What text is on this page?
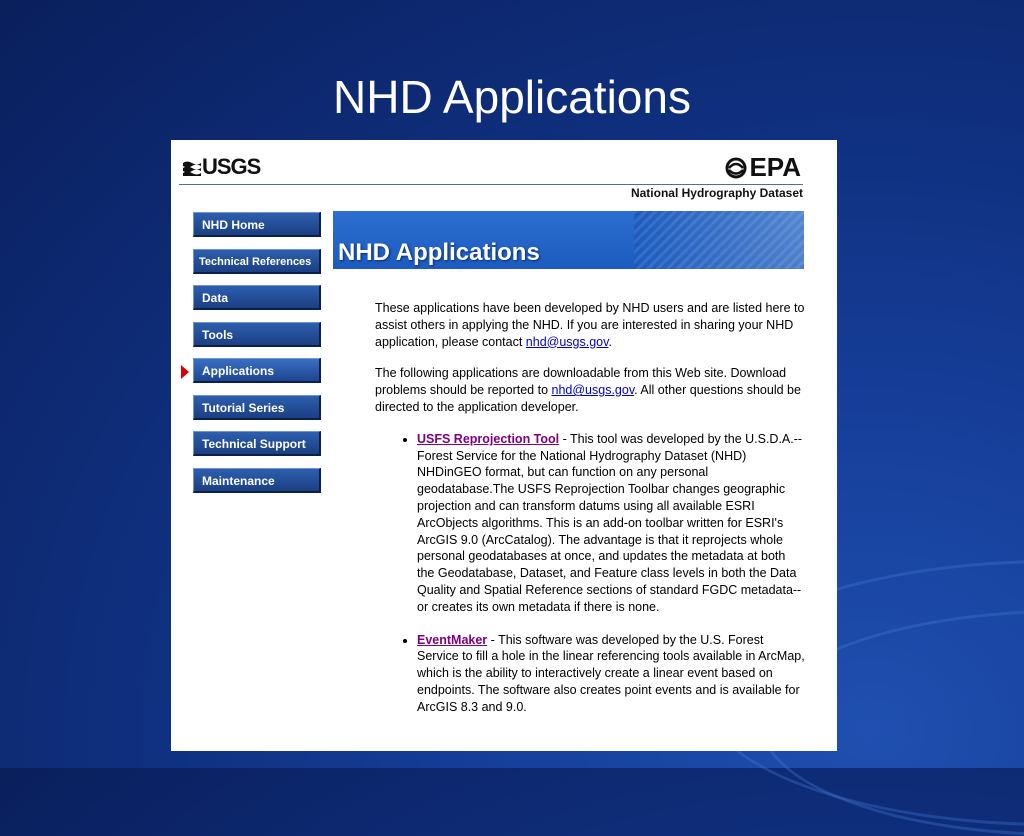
NHD Applications
USGS	EPA
National Hydrography Dataset
NHD Home
Technical References
Data
Tools
Applications
Tutorial Series
Technical Support
Maintenance
NHD Applications

These applications have been developed by NHD users and are listed here to assist others in applying the NHD. If you are interested in sharing your NHD application, please contact nhd@usgs.gov.

The following applications are downloadable from this Web site. Download problems should be reported to nhd@usgs.gov. All other questions should be directed to the application developer.

• USFS Reprojection Tool - This tool was developed by the U.S.D.A.--Forest Service for the National Hydrography Dataset (NHD) NHDinGEO format, but can function on any personal geodatabase.The USFS Reprojection Toolbar changes geographic projection and can transform datums using all available ESRI ArcObjects algorithms. This is an add-on toolbar written for ESRI's ArcGIS 9.0 (ArcCatalog). The advantage is that it reprojects whole personal geodatabases at once, and updates the metadata at both the Geodatabase, Dataset, and Feature class levels in both the Data Quality and Spatial Reference sections of standard FGDC metadata--or creates its own metadata if there is none.
• EventMaker - This software was developed by the U.S. Forest Service to fill a hole in the linear referencing tools available in ArcMap, which is the ability to interactively create a linear event based on endpoints. The software also creates point events and is available for ArcGIS 8.3 and 9.0.
